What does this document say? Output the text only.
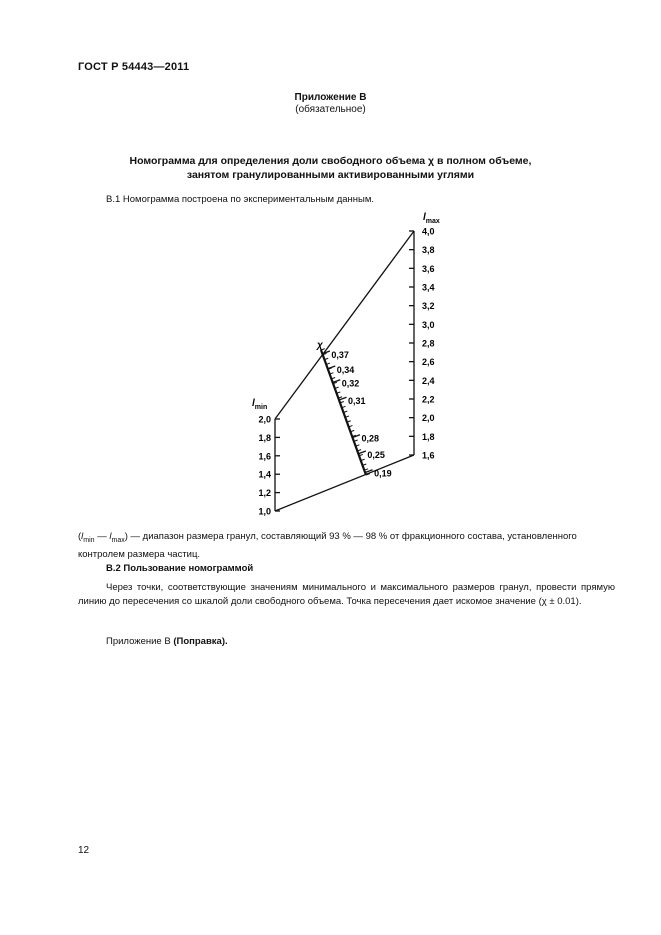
ГОСТ Р 54443—2011
Приложение В
(обязательное)
Номограмма для определения доли свободного объема χ в полном объеме,
занятом гранулированными активированными углями
В.1 Номограмма построена по экспериментальным данным.
2,0
1,8
1,6
1,4
1,2
1,0
4,0
3,8
3,6
3,4
3,2
3,0
2,8
2,6
2,4
2,2
2,0
1,8
1,6
0,37
0,34
0,32
0,31
0,28
0,25
0,19
$l_{min}$
$l_{max}$
χ
($l_{min}$ — $l_{max}$) — диапазон размера гранул, составляющий 93 % — 98 % от фракционного состава, установленного контролем размера частиц.
В.2 Пользование номограммой
Через точки, соответствующие значениям минимального и максимального размеров гранул, провести прямую линию до пересечения со шкалой доли свободного объема. Точка пересечения дает искомое значение (χ ± 0.01).
Приложение В (Поправка).
12
